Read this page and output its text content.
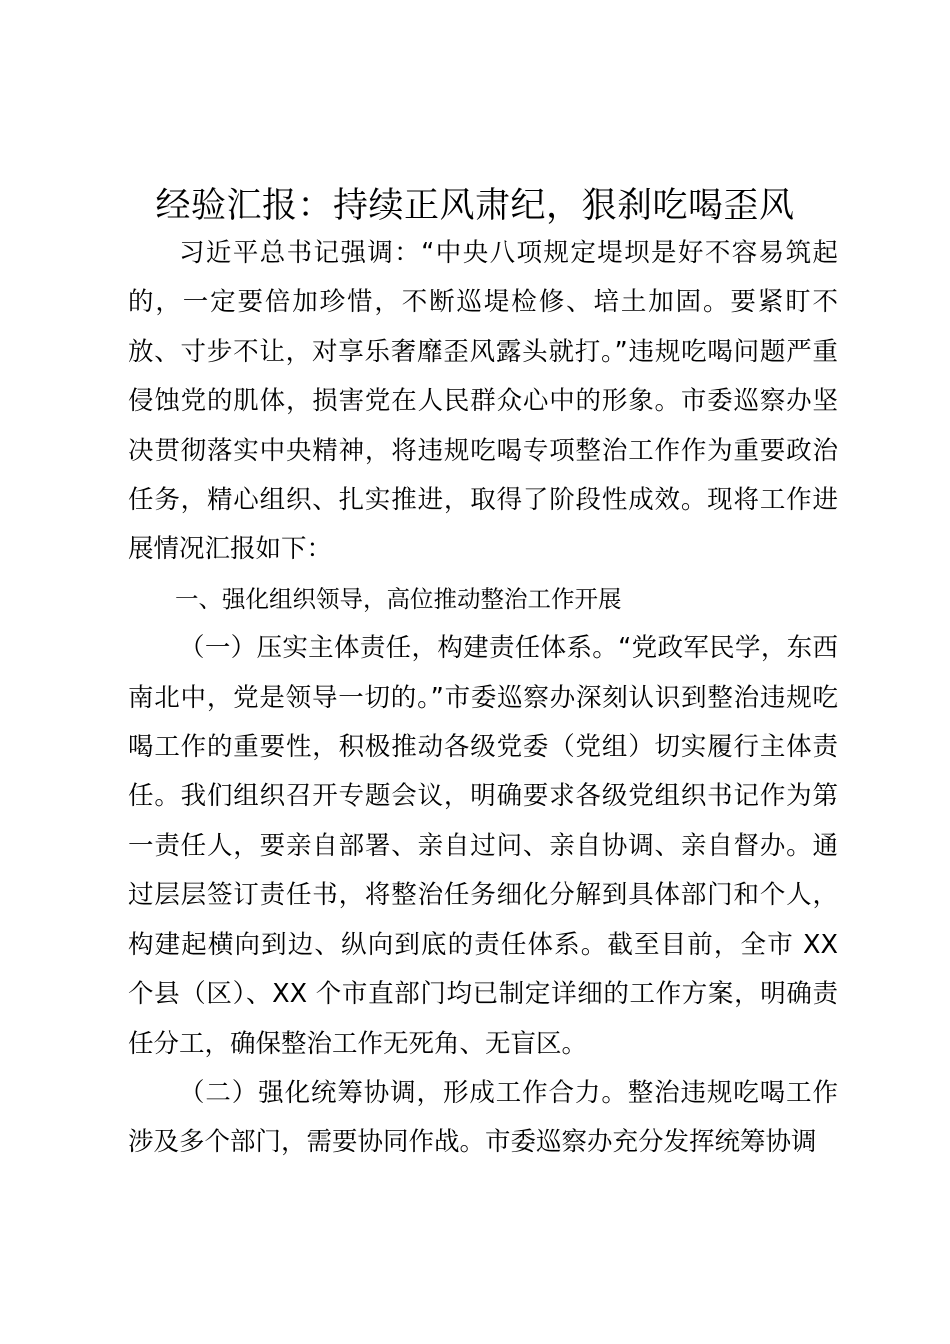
经验汇报：持续正风肃纪，狠刹吃喝歪风

习近平总书记强调：“中央八项规定堤坝是好不容易筑起的，一定要倍加珍惜，不断巡堤检修、培土加固。要紧盯不放、寸步不让，对享乐奢靡歪风露头就打。”违规吃喝问题严重侵蚀党的肌体，损害党在人民群众心中的形象。市委巡察办坚决贯彻落实中央精神，将违规吃喝专项整治工作作为重要政治任务，精心组织、扎实推进，取得了阶段性成效。现将工作进展情况汇报如下：

一、强化组织领导，高位推动整治工作开展

（一）压实主体责任，构建责任体系。“党政军民学，东西南北中，党是领导一切的。”市委巡察办深刻认识到整治违规吃喝工作的重要性，积极推动各级党委（党组）切实履行主体责任。我们组织召开专题会议，明确要求各级党组织书记作为第一责任人，要亲自部署、亲自过问、亲自协调、亲自督办。通过层层签订责任书，将整治任务细化分解到具体部门和个人，构建起横向到边、纵向到底的责任体系。截至目前，全市 XX 个县（区）、XX 个市直部门均已制定详细的工作方案，明确责任分工，确保整治工作无死角、无盲区。

（二）强化统筹协调，形成工作合力。整治违规吃喝工作涉及多个部门，需要协同作战。市委巡察办充分发挥统筹协调
